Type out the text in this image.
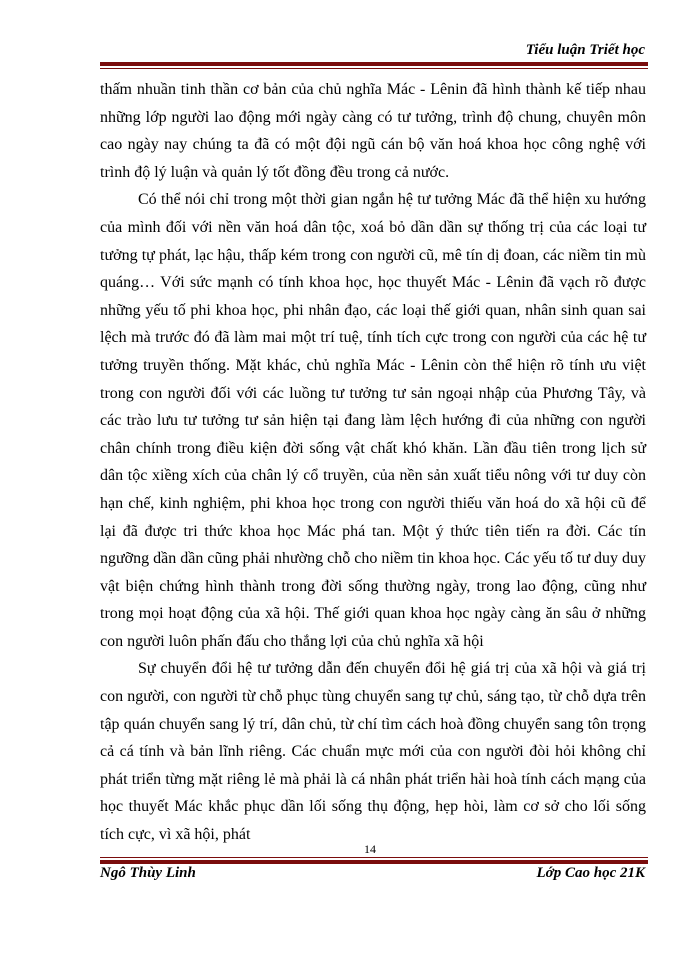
Tiểu luận Triết học

thấm nhuần tinh thần cơ bản của chủ nghĩa Mác - Lênin đã hình thành kế tiếp nhau những lớp người lao động mới ngày càng có tư tưởng, trình độ chung, chuyên môn cao ngày nay chúng ta đã có một đội ngũ cán bộ văn hoá khoa học công nghệ với trình độ lý luận và quản lý tốt đồng đều trong cả nước.

Có thể nói chỉ trong một thời gian ngắn hệ tư tưởng Mác đã thể hiện xu hướng của mình đối với nền văn hoá dân tộc, xoá bỏ dần dần sự thống trị của các loại tư tưởng tự phát, lạc hậu, thấp kém trong con người cũ, mê tín dị đoan, các niềm tin mù quáng… Với sức mạnh có tính khoa học, học thuyết Mác - Lênin đã vạch rõ được những yếu tố phi khoa học, phi nhân đạo, các loại thế giới quan, nhân sinh quan sai lệch mà trước đó đã làm mai một trí tuệ, tính tích cực trong con người của các hệ tư tưởng truyền thống. Mặt khác, chủ nghĩa Mác - Lênin còn thể hiện rõ tính ưu việt trong con người đối với các luồng tư tưởng tư sản ngoại nhập của Phương Tây, và các trào lưu tư tưởng tư sản hiện tại đang làm lệch hướng đi của những con người chân chính trong điều kiện đời sống vật chất khó khăn. Lần đầu tiên trong lịch sử dân tộc xiềng xích của chân lý cổ truyền, của nền sản xuất tiểu nông với tư duy còn hạn chế, kinh nghiệm, phi khoa học trong con người thiếu văn hoá do xã hội cũ để lại đã được tri thức khoa học Mác phá tan. Một ý thức tiên tiến ra đời. Các tín ngưỡng dần dần cũng phải nhường chỗ cho niềm tin khoa học. Các yếu tố tư duy duy vật biện chứng hình thành trong đời sống thường ngày, trong lao động, cũng như trong mọi hoạt động của xã hội. Thế giới quan khoa học ngày càng ăn sâu ở những con người luôn phấn đấu cho thắng lợi của chủ nghĩa xã hội

Sự chuyển đổi hệ tư tưởng dẫn đến chuyển đổi hệ giá trị của xã hội và giá trị con người, con người từ chỗ phục tùng chuyển sang tự chủ, sáng tạo, từ chỗ dựa trên tập quán chuyển sang lý trí, dân chủ, từ chí tìm cách hoà đồng chuyển sang tôn trọng cả cá tính và bản lĩnh riêng. Các chuẩn mực mới của con người đòi hỏi không chỉ phát triển từng mặt riêng lẻ mà phải là cá nhân phát triển hài hoà tính cách mạng của học thuyết Mác khắc phục dần lối sống thụ động, hẹp hòi, làm cơ sở cho lối sống tích cực, vì xã hội, phát

14
Ngô Thùy Linh	Lớp Cao học 21K
